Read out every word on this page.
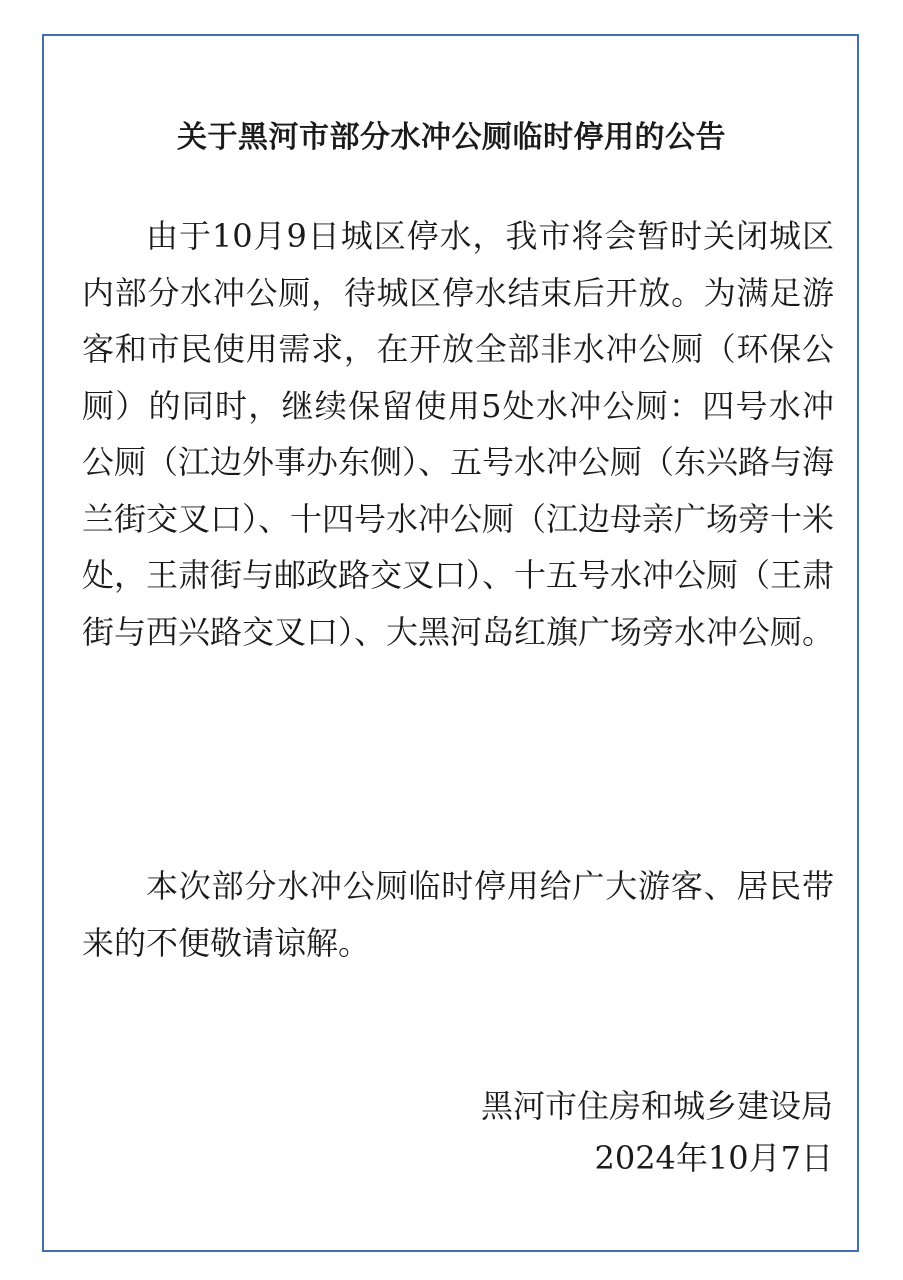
关于黑河市部分水冲公厕临时停用的公告

由于10月9日城区停水，我市将会暂时关闭城区内部分水冲公厕，待城区停水结束后开放。为满足游客和市民使用需求，在开放全部非水冲公厕（环保公厕）的同时，继续保留使用5处水冲公厕：四号水冲公厕（江边外事办东侧）、五号水冲公厕（东兴路与海兰街交叉口）、十四号水冲公厕（江边母亲广场旁十米处，王肃街与邮政路交叉口）、十五号水冲公厕（王肃街与西兴路交叉口）、大黑河岛红旗广场旁水冲公厕。

本次部分水冲公厕临时停用给广大游客、居民带来的不便敬请谅解。

黑河市住房和城乡建设局

2024年10月7日
